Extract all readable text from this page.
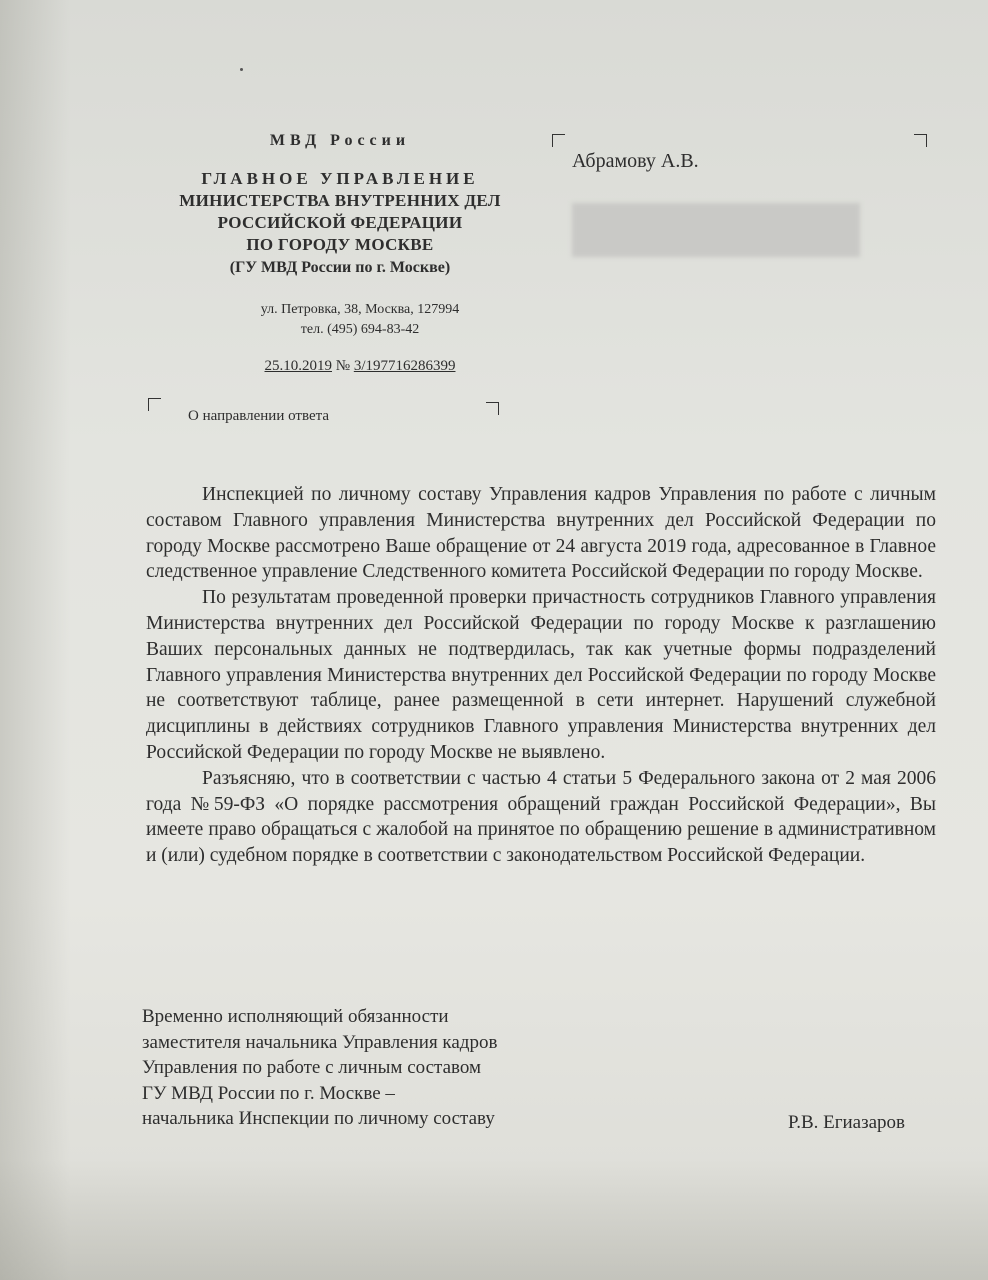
МВД России
ГЛАВНОЕ УПРАВЛЕНИЕ
МИНИСТЕРСТВА ВНУТРЕННИХ ДЕЛ
РОССИЙСКОЙ ФЕДЕРАЦИИ
ПО ГОРОДУ МОСКВЕ
(ГУ МВД России по г. Москве)
ул. Петровка, 38, Москва, 127994
тел. (495) 694-83-42
25.10.2019 № 3/197716286399
О направлении ответа
Абрамову А.В.

Инспекцией по личному составу Управления кадров Управления по работе с личным составом Главного управления Министерства внутренних дел Российской Федерации по городу Москве рассмотрено Ваше обращение от 24 августа 2019 года, адресованное в Главное следственное управление Следственного комитета Российской Федерации по городу Москве.

По результатам проведенной проверки причастность сотрудников Главного управления Министерства внутренних дел Российской Федерации по городу Москве к разглашению Ваших персональных данных не подтвердилась, так как учетные формы подразделений Главного управления Министерства внутренних дел Российской Федерации по городу Москве не соответствуют таблице, ранее размещенной в сети интернет. Нарушений служебной дисциплины в действиях сотрудников Главного управления Министерства внутренних дел Российской Федерации по городу Москве не выявлено.

Разъясняю, что в соответствии с частью 4 статьи 5 Федерального закона от 2 мая 2006 года №59-ФЗ «О порядке рассмотрения обращений граждан Российской Федерации», Вы имеете право обращаться с жалобой на принятое по обращению решение в административном и (или) судебном порядке в соответствии с законодательством Российской Федерации.

Временно исполняющий обязанности
заместителя начальника Управления кадров
Управления по работе с личным составом
ГУ МВД России по г. Москве –
начальника Инспекции по личному составу	Р.В. Егиазаров
